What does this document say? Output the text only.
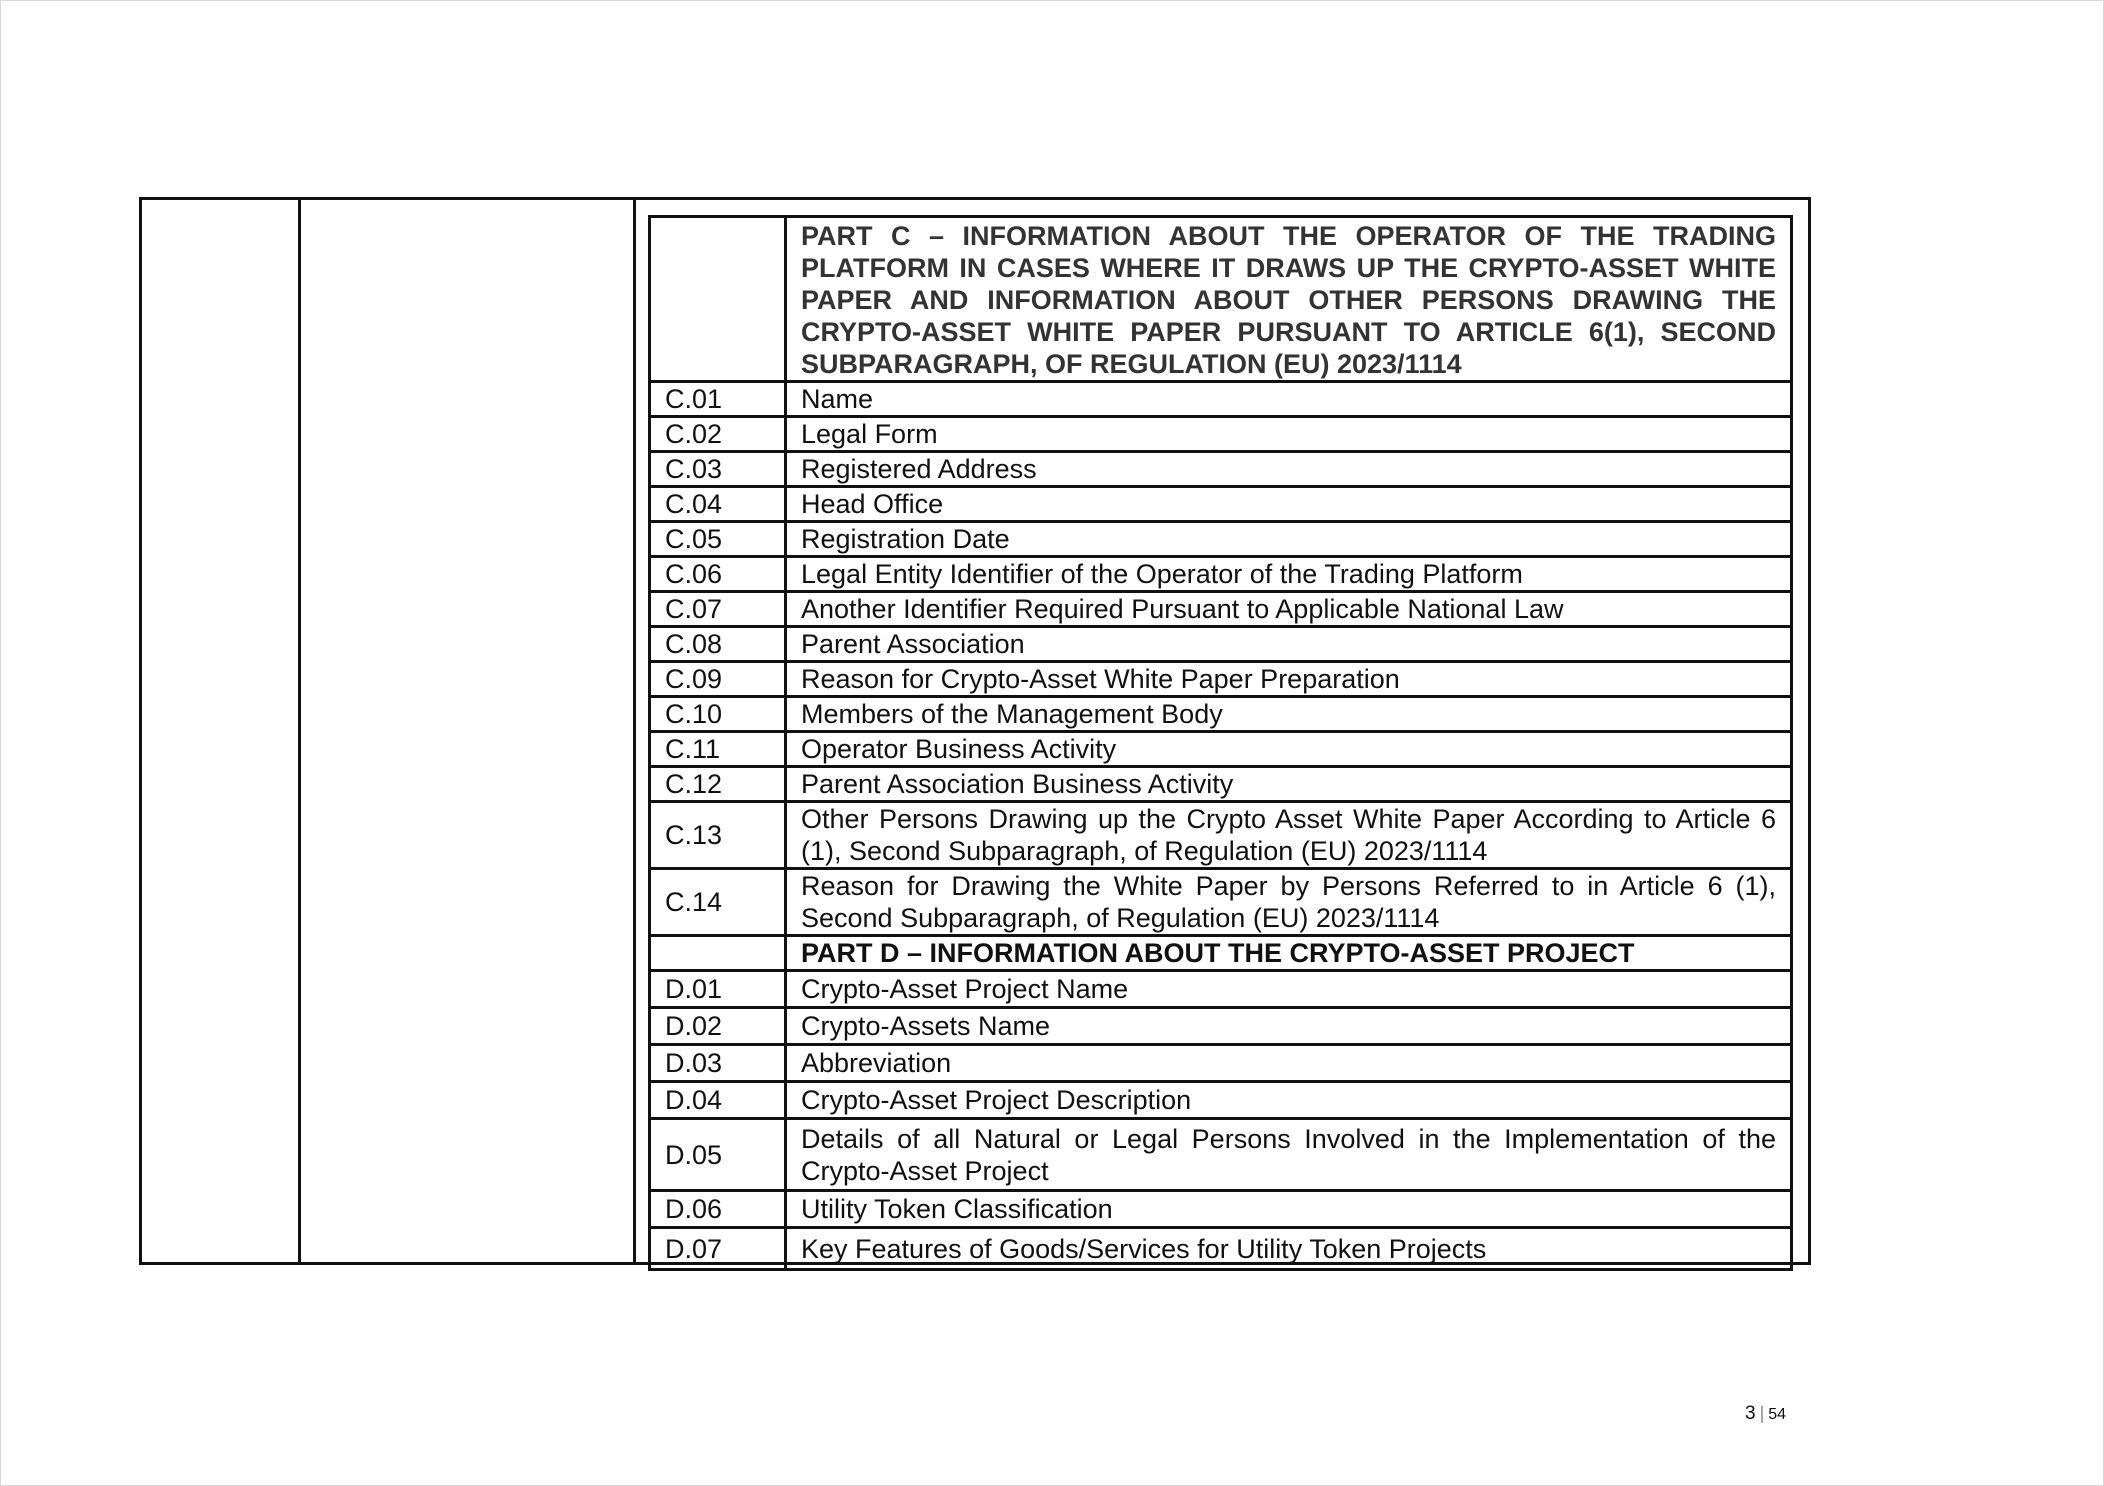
	PART C – INFORMATION ABOUT THE OPERATOR OF THE TRADING PLATFORM IN CASES WHERE IT DRAWS UP THE CRYPTO-ASSET WHITE PAPER AND INFORMATION ABOUT OTHER PERSONS DRAWING THE CRYPTO-ASSET WHITE PAPER PURSUANT TO ARTICLE 6(1), SECOND SUBPARAGRAPH, OF REGULATION (EU) 2023/1114
C.01	Name
C.02	Legal Form
C.03	Registered Address
C.04	Head Office
C.05	Registration Date
C.06	Legal Entity Identifier of the Operator of the Trading Platform
C.07	Another Identifier Required Pursuant to Applicable National Law
C.08	Parent Association
C.09	Reason for Crypto-Asset White Paper Preparation
C.10	Members of the Management Body
C.11	Operator Business Activity
C.12	Parent Association Business Activity
C.13	Other Persons Drawing up the Crypto Asset White Paper According to Article 6 (1), Second Subparagraph, of Regulation (EU) 2023/1114
C.14	Reason for Drawing the White Paper by Persons Referred to in Article 6 (1), Second Subparagraph, of Regulation (EU) 2023/1114
	PART D – INFORMATION ABOUT THE CRYPTO-ASSET PROJECT
D.01	Crypto-Asset Project Name
D.02	Crypto-Assets Name
D.03	Abbreviation
D.04	Crypto-Asset Project Description
D.05	Details of all Natural or Legal Persons Involved in the Implementation of the Crypto-Asset Project
D.06	Utility Token Classification
D.07	Key Features of Goods/Services for Utility Token Projects
3 | 54
